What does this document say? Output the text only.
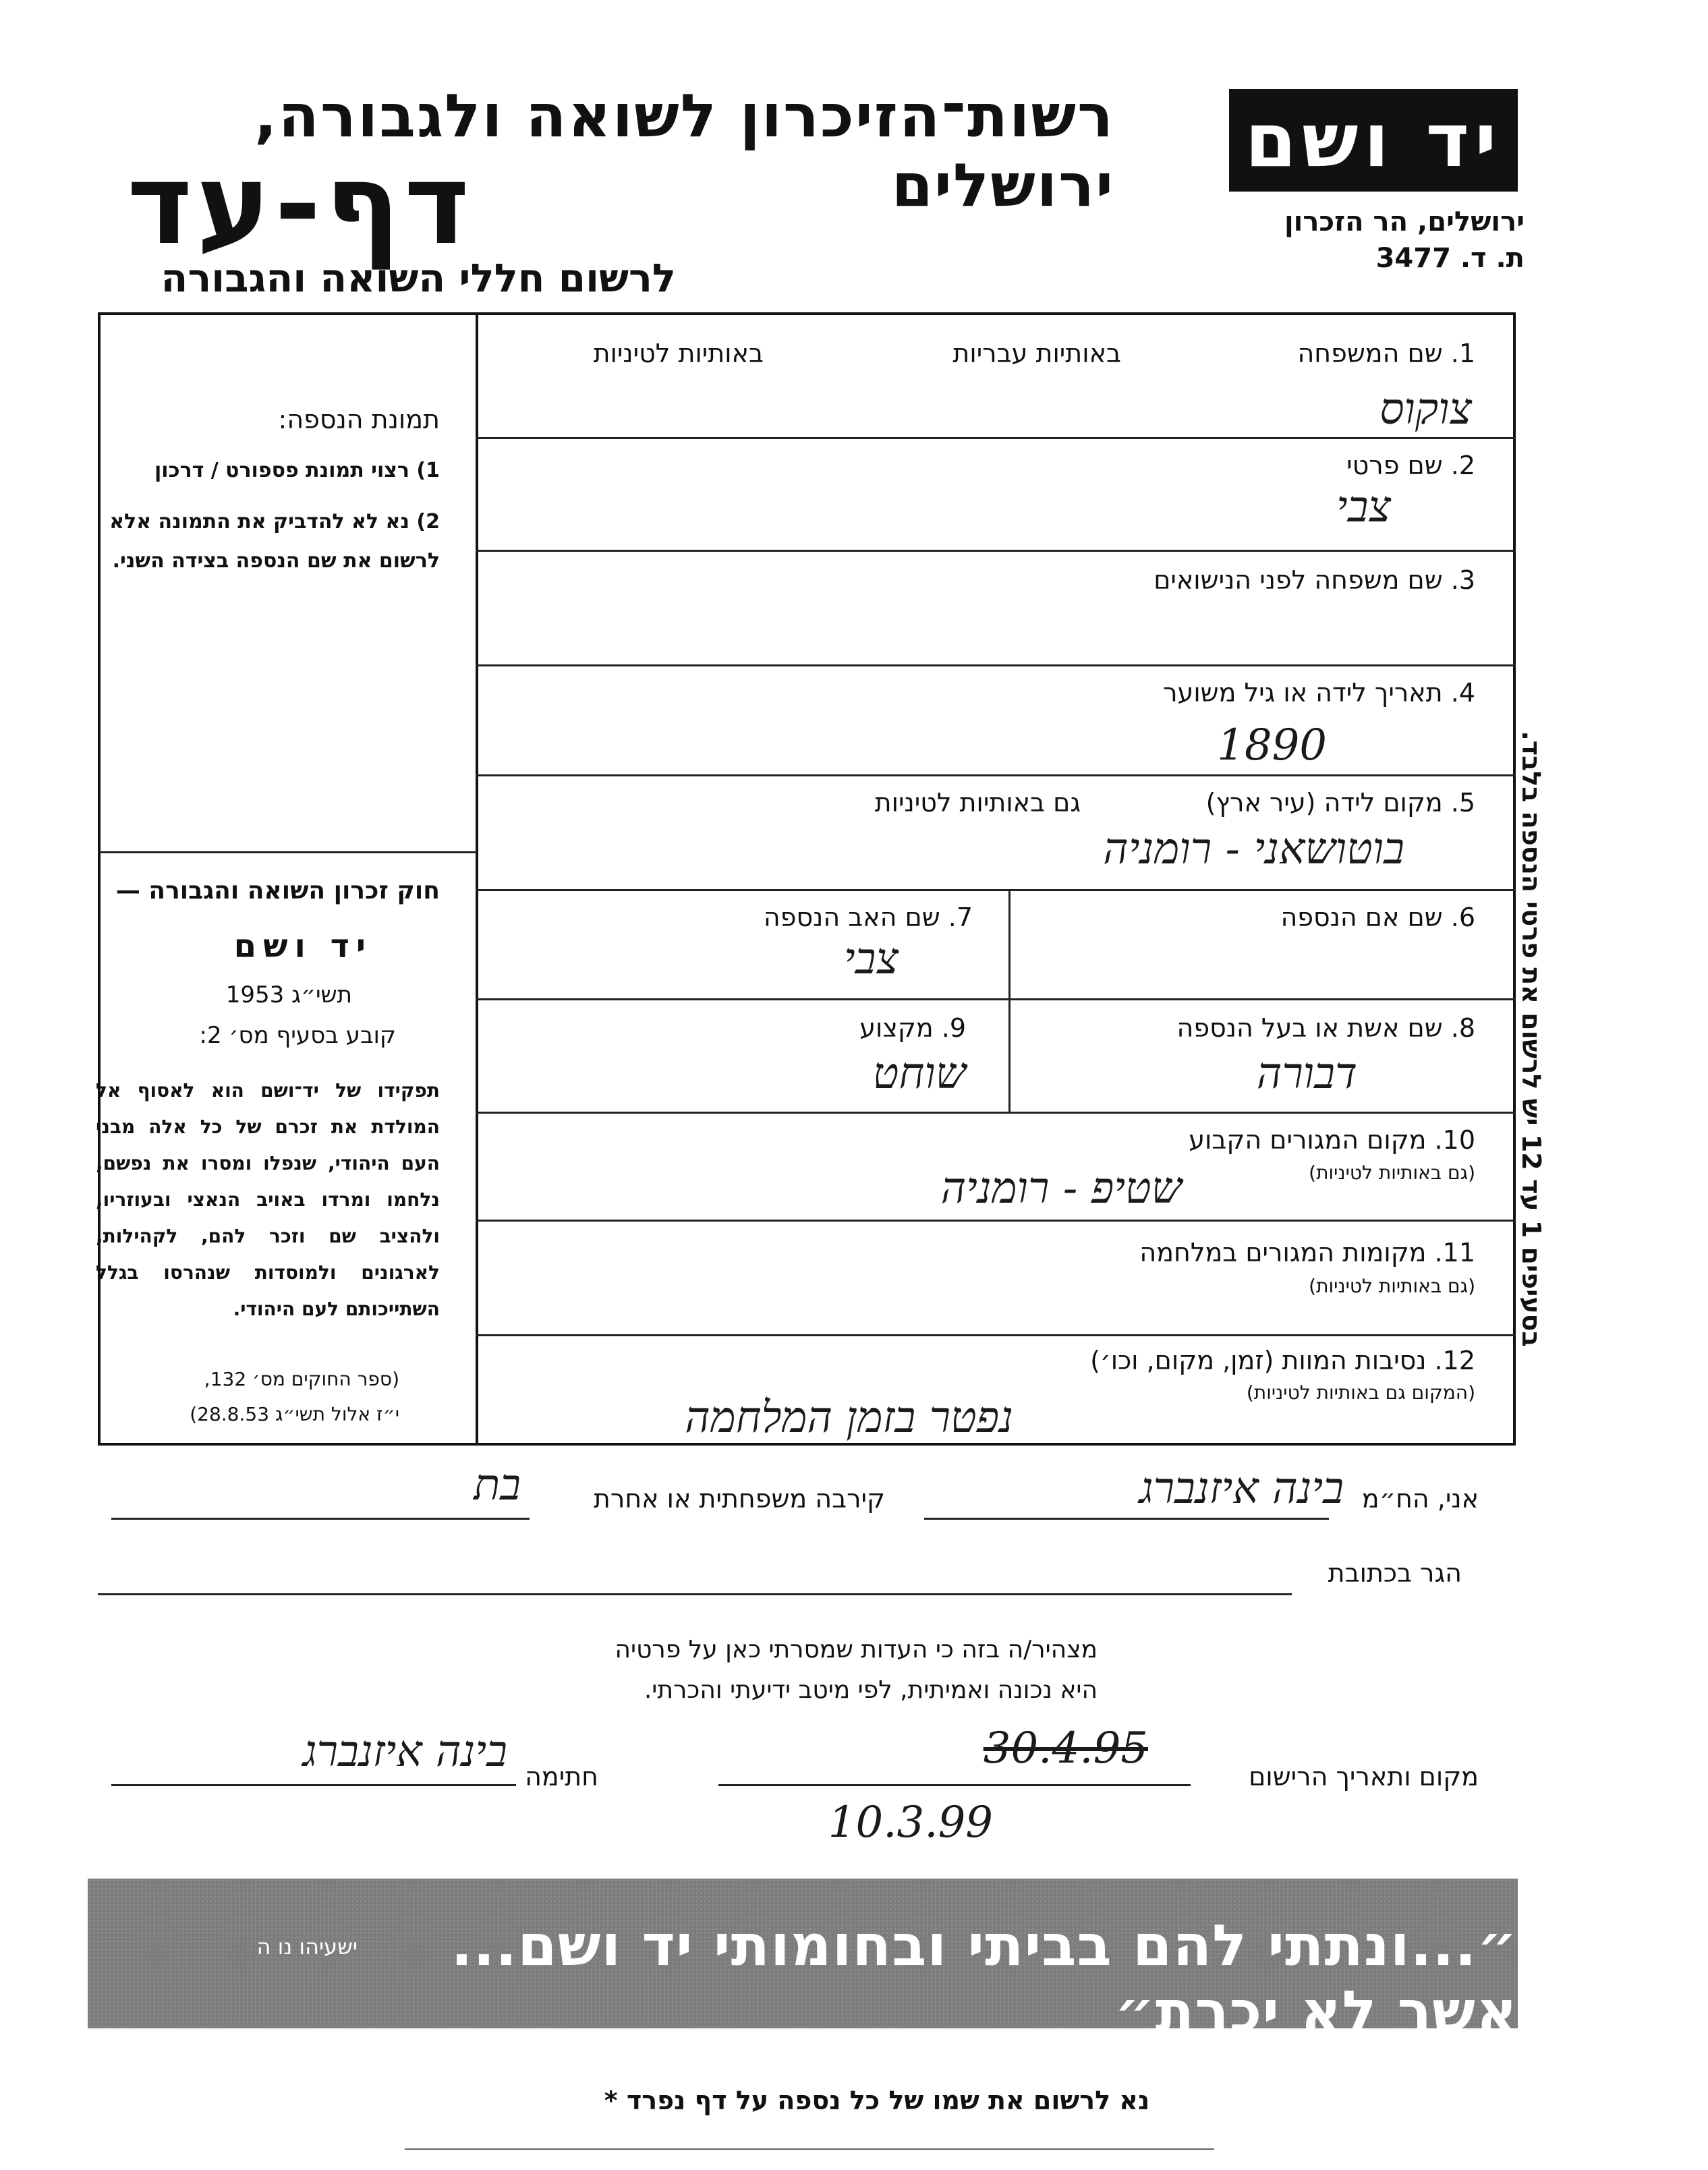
רשות־הזיכרון לשואה ולגבורה, ירושלים
דף-עד
לרשום חללי השואה והגבורה
יד ושם
ירושלים, הר הזכרון
ת. ד. 3477
1. שם המשפחה
באותיות עבריות
באותיות לטיניות
צוקוס
2. שם פרטי
צבי
3. שם משפחה לפני הנישואים
4. תאריך לידה או גיל משוער
1890
5. מקום לידה (עיר ארץ)
גם באותיות לטיניות
בוטושאני - רומניה
6. שם אם הנספה
7. שם האב הנספה
צבי
8. שם אשת או בעל הנספה
דבורה
9. מקצוע
שוחט
10. מקום המגורים הקבוע
(גם באותיות לטיניות)
שטיפ - רומניה
11. מקומות המגורים במלחמה
(גם באותיות לטיניות)
12. נסיבות המוות (זמן, מקום, וכו׳)
(המקום גם באותיות לטיניות)
נפטר בזמן המלחמה
תמונת הנספה:
1) רצוי תמונת פספורט / דרכון
2) נא לא להדביק את התמונה אלא לרשום את שם הנספה בצידה השני.
חוק זכרון השואה והגבורה —
יד ושם
תשי״ג 1953
קובע בסעיף מס׳ 2:
תפקידו של יד־ושם הוא לאסוף אל המולדת את זכרם של כל אלה מבני העם היהודי, שנפלו ומסרו את נפשם, נלחמו ומרדו באויב הנאצי ובעוזריו, ולהציב שם וזכר להם, לקהילות, לארגונים ולמוסדות שנהרסו בגלל השתייכותם לעם היהודי.
(ספר החוקים מס׳ 132,
י״ז אלול תשי״ג 28.8.53)
בסעיפים 1 עד 12 יש לרשום את פרטי הנספה בלבד.
אני, הח״מ
בינה איזנברג
קירבה משפחתית או אחרת
בת
הגר בכתובת
מצהיר/ה בזה כי העדות שמסרתי כאן על פרטיה
היא נכונה ואמיתית, לפי מיטב ידיעתי והכרתי.
מקום ותאריך הרישום
30.4.95
10.3.99
חתימה
בינה איזנברג
״...ונתתי להם בביתי ובחומותי יד ושם... אשר לא יכרת״
ישעיהו נו ה
נא לרשום את שמו של כל נספה על דף נפרד *
